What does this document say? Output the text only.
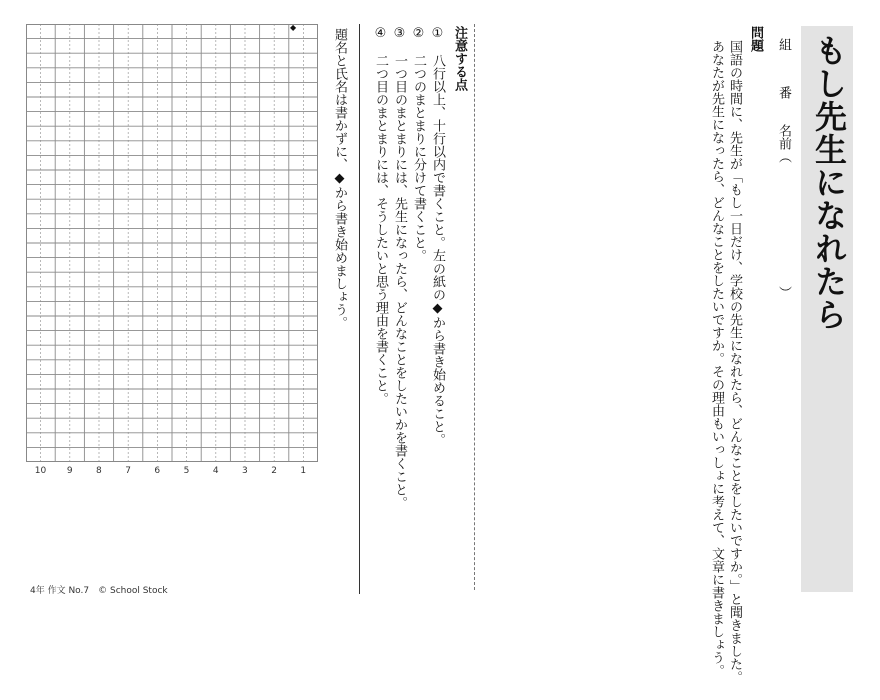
もし先生になれたら
組
番
名前（
）
問題
国語の時間に、先生が「もし一日だけ、学校の先生になれたら、どんなことをしたいですか。」と聞きました。
あなたが先生になったら、どんなことをしたいですか。その理由もいっしょに考えて、文章に書きましょう。
注意する点
①　八行以上、十行以内で書くこと。左の紙の◆から書き始めること。
②　二つのまとまりに分けて書くこと。
③　一つ目のまとまりには、先生になったら、どんなことをしたいかを書くこと。
④　二つ目のまとまりには、そうしたいと思う理由を書くこと。
題名と氏名は書かずに、◆から書き始めましょう。
◆
10	9	8	7	6	5	4	3	2	1
4年 作文 No.7　© School Stock
